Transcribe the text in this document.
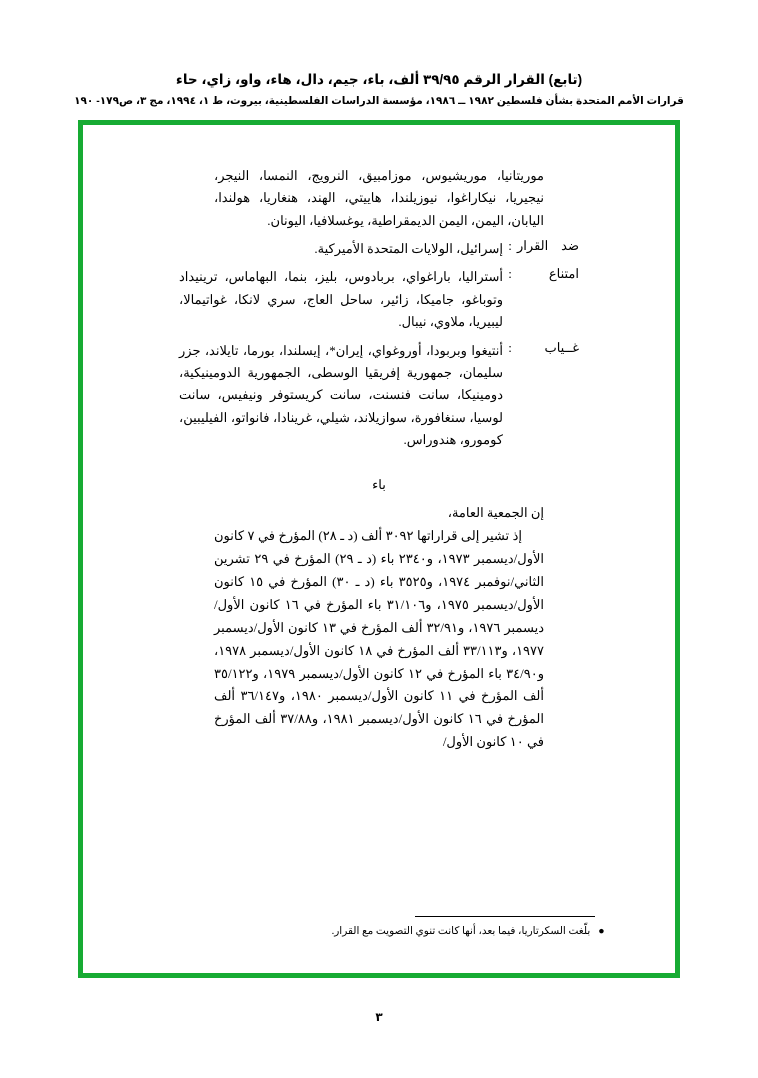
(تابع) القرار الرقم ٣٩/٩٥ ألف، باء، جيم، دال، هاء، واو، زاي، حاء
قرارات الأمم المتحدة بشأن فلسطين ١٩٨٢ ــ ١٩٨٦، مؤسسة الدراسات الفلسطينية، بيروت، ط ١، ١٩٩٤، مج ٣، ص١٧٩- ١٩٠
موريتانيا، موريشيوس، موزامبيق، النرويج، النمسا، النيجر، نيجيريا، نيكاراغوا، نيوزيلندا، هاييتي، الهند، هنغاريا، هولندا، اليابان، اليمن، اليمن الديمقراطية، يوغسلافيا، اليونان.
ضد القرار
:
إسرائيل، الولايات المتحدة الأميركية.
امتناع
:
أستراليا، باراغواي، بربادوس، بليز، بنما، البهاماس، ترينيداد وتوباغو، جاميكا، زائير، ساحل العاج، سري لانكا، غواتيمالا، ليبيريا، ملاوي، نيبال.
غــياب
:
أنتيغوا وبربودا، أوروغواي، إيران*، إيسلندا، بورما، تايلاند، جزر سليمان، جمهورية إفريقيا الوسطى، الجمهورية الدومينيكية، دومينيكا، سانت فنسنت، سانت كريستوفر ونيفيس، سانت لوسيا، سنغافورة، سوازيلاند، شيلي، غرينادا، فانواتو، الفيليبين، كومورو، هندوراس.
باء
إن الجمعية العامة،
إذ تشير إلى قراراتها ٣٠٩٢ ألف (د ـ ٢٨) المؤرخ في ٧ كانون الأول/ديسمبر ١٩٧٣، و٢٣٤٠ باء (د ـ ٢٩) المؤرخ في ٢٩ تشرين الثاني/نوفمبر ١٩٧٤، و٣٥٢٥ باء (د ـ ٣٠) المؤرخ في ١٥ كانون الأول/ديسمبر ١٩٧٥، و٣١/١٠٦ باء المؤرخ في ١٦ كانون الأول/ديسمبر ١٩٧٦، و٣٢/٩١ ألف المؤرخ في ١٣ كانون الأول/ديسمبر ١٩٧٧، و٣٣/١١٣ ألف المؤرخ في ١٨ كانون الأول/ديسمبر ١٩٧٨، و٣٤/٩٠ باء المؤرخ في ١٢ كانون الأول/ديسمبر ١٩٧٩، و٣٥/١٢٢ ألف المؤرخ في ١١ كانون الأول/ديسمبر ١٩٨٠، و٣٦/١٤٧ ألف المؤرخ في ١٦ كانون الأول/ديسمبر ١٩٨١، و٣٧/٨٨ ألف المؤرخ في ١٠ كانون الأول/
●بلّغت السكرتاريا، فيما بعد، أنها كانت تنوي التصويت مع القرار.
٣
